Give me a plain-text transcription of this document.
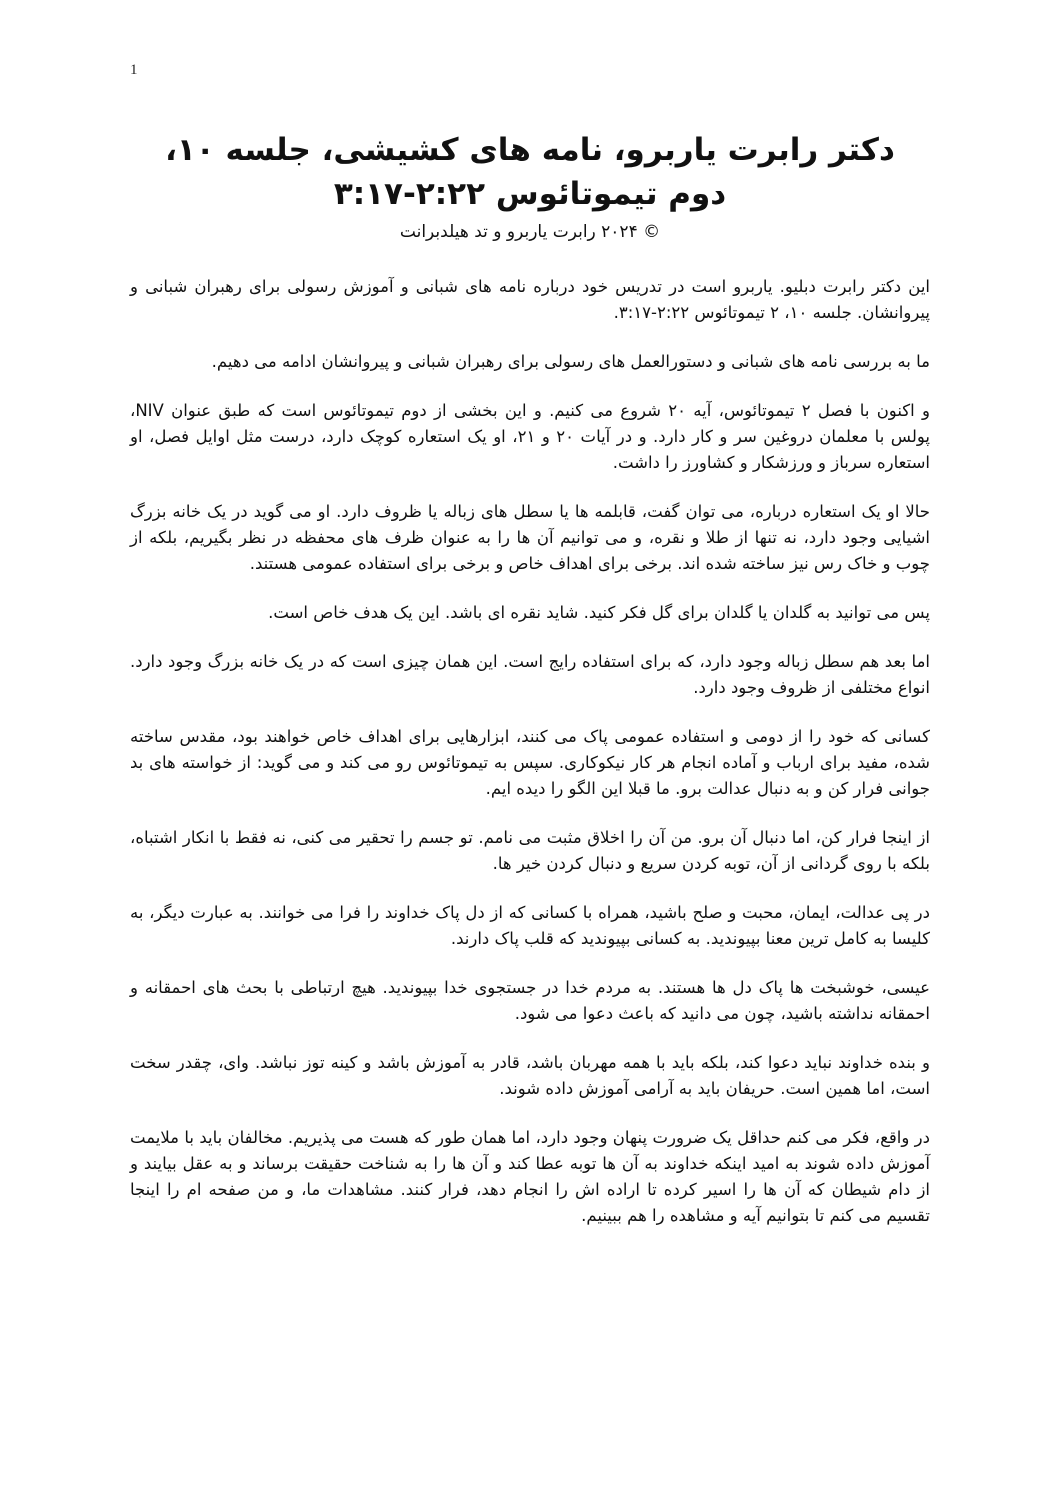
1
دکتر رابرت یاربرو، نامه های کشیشی، جلسه ۱۰،
دوم تیموتائوس ۲:۲۲-۳:۱۷
© ۲۰۲۴ رابرت یاربرو و تد هیلدبرانت

این دکتر رابرت دبلیو. یاربرو است در تدریس خود درباره نامه های شبانی و آموزش رسولی برای رهبران شبانی و پیروانشان. جلسه ۱۰، ۲ تیموتائوس ۲:۲۲-۳:۱۷.

ما به بررسی نامه های شبانی و دستورالعمل های رسولی برای رهبران شبانی و پیروانشان ادامه می دهیم.

و اکنون با فصل ۲ تیموتائوس، آیه ۲۰ شروع می کنیم. و این بخشی از دوم تیموتائوس است که طبق عنوان NIV، پولس با معلمان دروغین سر و کار دارد. و در آیات ۲۰ و ۲۱، او یک استعاره کوچک دارد، درست مثل اوایل فصل، او استعاره سرباز و ورزشکار و کشاورز را داشت.

حالا او یک استعاره درباره، می توان گفت، قابلمه ها یا سطل های زباله یا ظروف دارد. او می گوید در یک خانه بزرگ اشیایی وجود دارد، نه تنها از طلا و نقره، و می توانیم آن ها را به عنوان ظرف های محفظه در نظر بگیریم، بلکه از چوب و خاک رس نیز ساخته شده اند. برخی برای اهداف خاص و برخی برای استفاده عمومی هستند.

پس می توانید به گلدان یا گلدان برای گل فکر کنید. شاید نقره ای باشد. این یک هدف خاص است.

اما بعد هم سطل زباله وجود دارد، که برای استفاده رایج است. این همان چیزی است که در یک خانه بزرگ وجود دارد. انواع مختلفی از ظروف وجود دارد.

کسانی که خود را از دومی و استفاده عمومی پاک می کنند، ابزارهایی برای اهداف خاص خواهند بود، مقدس ساخته شده، مفید برای ارباب و آماده انجام هر کار نیکوکاری. سپس به تیموتائوس رو می کند و می گوید: از خواسته های بد جوانی فرار کن و به دنبال عدالت برو. ما قبلا این الگو را دیده ایم.

از اینجا فرار کن، اما دنبال آن برو. من آن را اخلاق مثبت می نامم. تو جسم را تحقیر می کنی، نه فقط با انکار اشتباه، بلکه با روی گردانی از آن، توبه کردن سریع و دنبال کردن خیر ها.

در پی عدالت، ایمان، محبت و صلح باشید، همراه با کسانی که از دل پاک خداوند را فرا می خوانند. به عبارت دیگر، به کلیسا به کامل ترین معنا بپیوندید. به کسانی بپیوندید که قلب پاک دارند.

عیسی، خوشبخت ها پاک دل ها هستند. به مردم خدا در جستجوی خدا بپیوندید. هیچ ارتباطی با بحث های احمقانه و احمقانه نداشته باشید، چون می دانید که باعث دعوا می شود.

و بنده خداوند نباید دعوا کند، بلکه باید با همه مهربان باشد، قادر به آموزش باشد و کینه توز نباشد. وای، چقدر سخت است، اما همین است. حریفان باید به آرامی آموزش داده شوند.

در واقع، فکر می کنم حداقل یک ضرورت پنهان وجود دارد، اما همان طور که هست می پذیریم. مخالفان باید با ملایمت آموزش داده شوند به امید اینکه خداوند به آن ها توبه عطا کند و آن ها را به شناخت حقیقت برساند و به عقل بیایند و از دام شیطان که آن ها را اسیر کرده تا اراده اش را انجام دهد، فرار کنند. مشاهدات ما، و من صفحه ام را اینجا تقسیم می کنم تا بتوانیم آیه و مشاهده را هم ببینیم.
